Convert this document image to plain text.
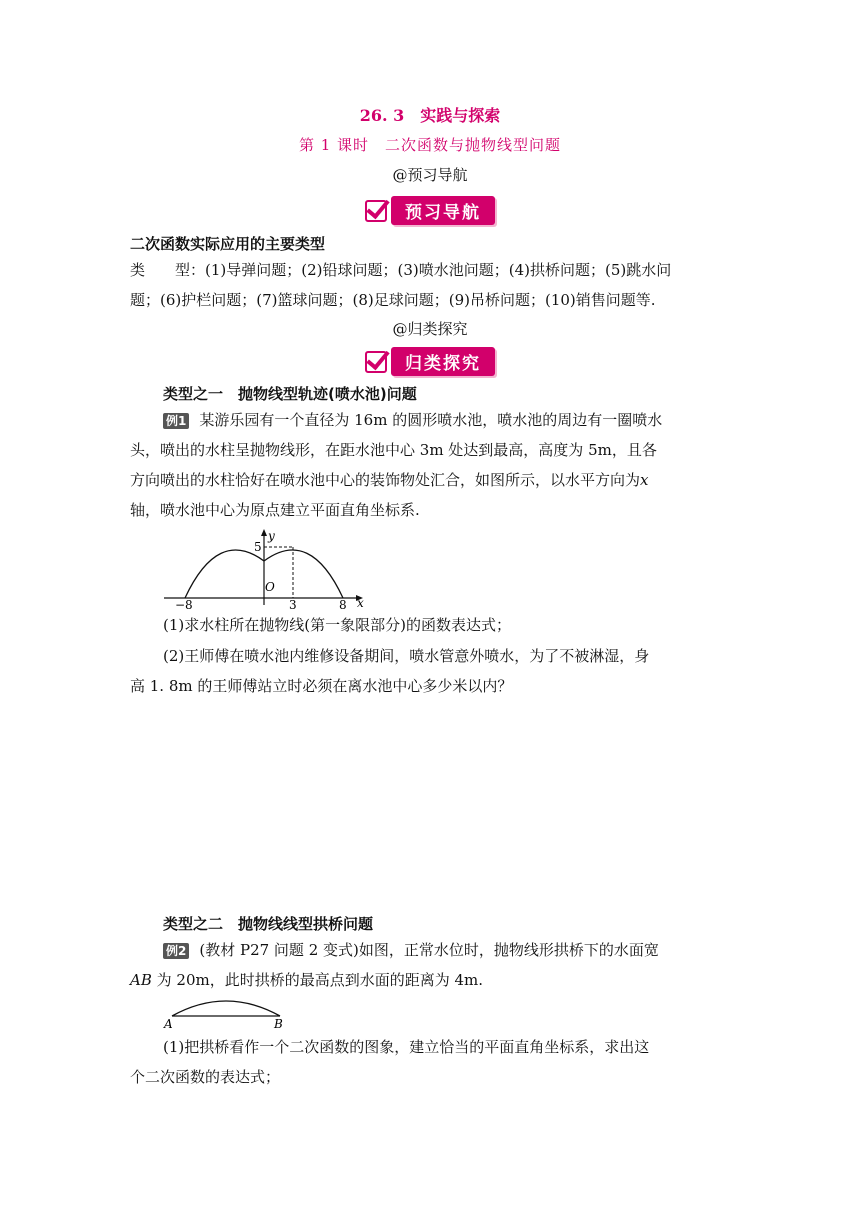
26. 3　实践与探索
第 1 课时　二次函数与抛物线型问题
@预习导航
预习导航
二次函数实际应用的主要类型
类　　型：(1)导弹问题；(2)铅球问题；(3)喷水池问题；(4)拱桥问题；(5)跳水问
题；(6)护栏问题；(7)篮球问题；(8)足球问题；(9)吊桥问题；(10)销售问题等.
@归类探究
归类探究
类型之一　抛物线型轨迹(喷水池)问题
例1 某游乐园有一个直径为 16m 的圆形喷水池，喷水池的周边有一圈喷水
头，喷出的水柱呈抛物线形，在距水池中心 3m 处达到最高，高度为 5m，且各
方向喷出的水柱恰好在喷水池中心的装饰物处汇合，如图所示，以水平方向为x
轴，喷水池中心为原点建立平面直角坐标系.
y
x
O
5
−8	3	8
(1)求水柱所在抛物线(第一象限部分)的函数表达式；
(2)王师傅在喷水池内维修设备期间，喷水管意外喷水，为了不被淋湿，身
高 1. 8m 的王师傅站立时必须在离水池中心多少米以内？
类型之二　抛物线线型拱桥问题
例2 (教材 P27 问题 2 变式)如图，正常水位时，抛物线形拱桥下的水面宽
AB 为 20m，此时拱桥的最高点到水面的距离为 4m.
A	B
(1)把拱桥看作一个二次函数的图象，建立恰当的平面直角坐标系，求出这
个二次函数的表达式；
